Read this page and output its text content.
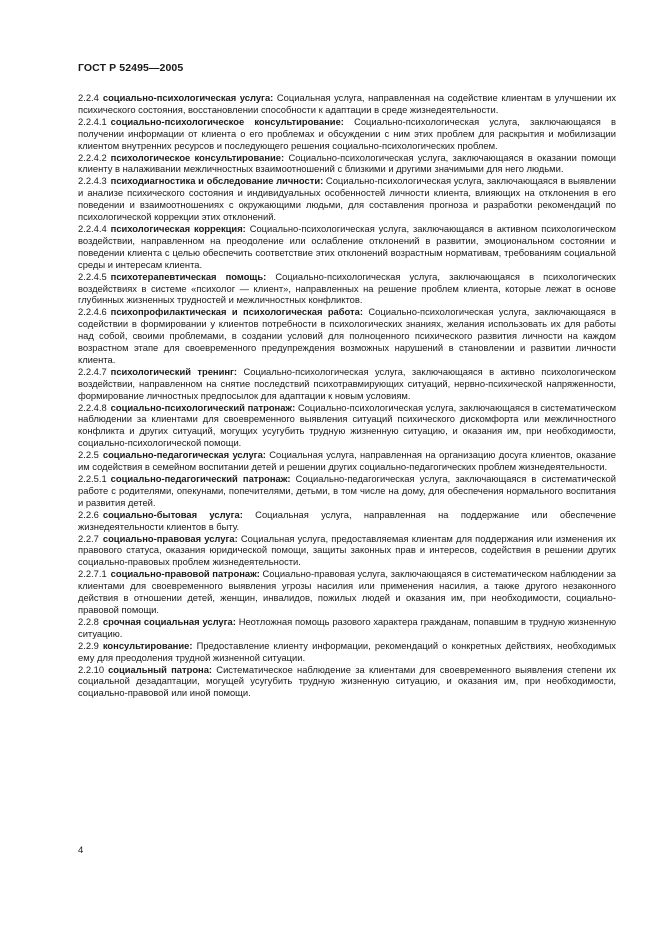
ГОСТ Р 52495—2005

2.2.4 социально-психологическая услуга: Социальная услуга, направленная на содействие клиентам в улучшении их психического состояния, восстановлении способности к адаптации в среде жизнедеятельности.

2.2.4.1 социально-психологическое консультирование: Социально-психологическая услуга, заключающаяся в получении информации от клиента о его проблемах и обсуждении с ним этих проблем для раскрытия и мобилизации клиентом внутренних ресурсов и последующего решения социально-психологических проблем.

2.2.4.2 психологическое консультирование: Социально-психологическая услуга, заключающаяся в оказании помощи клиенту в налаживании межличностных взаимоотношений с близкими и другими значимыми для него людьми.

2.2.4.3 психодиагностика и обследование личности: Социально-психологическая услуга, заключающаяся в выявлении и анализе психического состояния и индивидуальных особенностей личности клиента, влияющих на отклонения в его поведении и взаимоотношениях с окружающими людьми, для составления прогноза и разработки рекомендаций по психологической коррекции этих отклонений.

2.2.4.4 психологическая коррекция: Социально-психологическая услуга, заключающаяся в активном психологическом воздействии, направленном на преодоление или ослабление отклонений в развитии, эмоциональном состоянии и поведении клиента с целью обеспечить соответствие этих отклонений возрастным нормативам, требованиям социальной среды и интересам клиента.

2.2.4.5 психотерапевтическая помощь: Социально-психологическая услуга, заключающаяся в психологических воздействиях в системе «психолог — клиент», направленных на решение проблем клиента, которые лежат в основе глубинных жизненных трудностей и межличностных конфликтов.

2.2.4.6 психопрофилактическая и психологическая работа: Социально-психологическая услуга, заключающаяся в содействии в формировании у клиентов потребности в психологических знаниях, желания использовать их для работы над собой, своими проблемами, в создании условий для полноценного психического развития личности на каждом возрастном этапе для своевременного предупреждения возможных нарушений в становлении и развитии личности клиента.

2.2.4.7 психологический тренинг: Социально-психологическая услуга, заключающаяся в активно психологическом воздействии, направленном на снятие последствий психотравмирующих ситуаций, нервно-психической напряженности, формирование личностных предпосылок для адаптации к новым условиям.

2.2.4.8 социально-психологический патронаж: Социально-психологическая услуга, заключающаяся в систематическом наблюдении за клиентами для своевременного выявления ситуаций психического дискомфорта или межличностного конфликта и других ситуаций, могущих усугубить трудную жизненную ситуацию, и оказания им, при необходимости, социально-психологической помощи.

2.2.5 социально-педагогическая услуга: Социальная услуга, направленная на организацию досуга клиентов, оказание им содействия в семейном воспитании детей и решении других социально-педагогических проблем жизнедеятельности.

2.2.5.1 социально-педагогический патронаж: Социально-педагогическая услуга, заключающаяся в систематической работе с родителями, опекунами, попечителями, детьми, в том числе на дому, для обеспечения нормального воспитания и развития детей.

2.2.6 социально-бытовая услуга: Социальная услуга, направленная на поддержание или обеспечение жизнедеятельности клиентов в быту.

2.2.7 социально-правовая услуга: Социальная услуга, предоставляемая клиентам для поддержания или изменения их правового статуса, оказания юридической помощи, защиты законных прав и интересов, содействия в решении других социально-правовых проблем жизнедеятельности.

2.2.7.1 социально-правовой патронаж: Социально-правовая услуга, заключающаяся в систематическом наблюдении за клиентами для своевременного выявления угрозы насилия или применения насилия, а также другого незаконного действия в отношении детей, женщин, инвалидов, пожилых людей и оказания им, при необходимости, социально-правовой помощи.

2.2.8 срочная социальная услуга: Неотложная помощь разового характера гражданам, попавшим в трудную жизненную ситуацию.

2.2.9 консультирование: Предоставление клиенту информации, рекомендаций о конкретных действиях, необходимых ему для преодоления трудной жизненной ситуации.

2.2.10 социальный патрона: Систематическое наблюдение за клиентами для своевременного выявления степени их социальной дезадаптации, могущей усугубить трудную жизненную ситуацию, и оказания им, при необходимости, социально-правовой или иной помощи.

4
